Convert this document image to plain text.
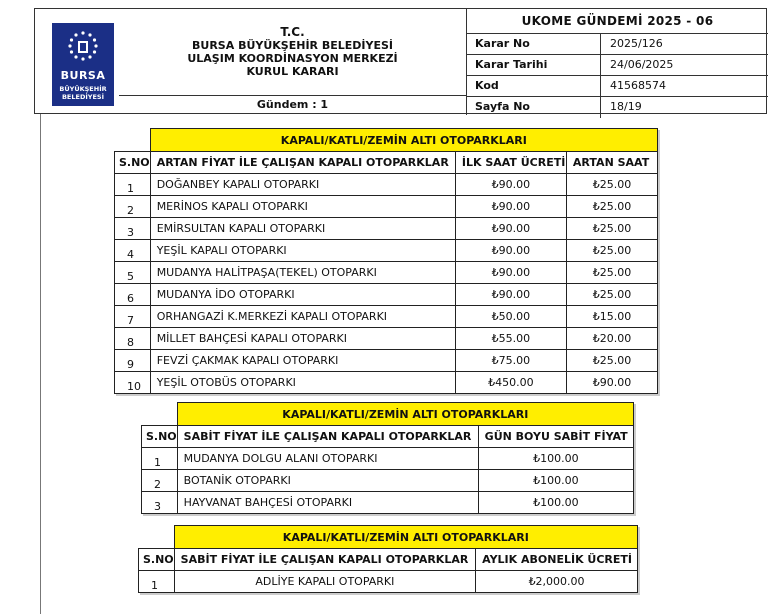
BURSA
BÜYÜKŞEHİR
BELEDİYESİ
T.C.
BURSA BÜYÜKŞEHİR BELEDİYESİ
ULAŞIM KOORDİNASYON MERKEZİ
KURUL KARARI
Gündem : 1
UKOME GÜNDEMİ 2025 - 06
Karar No	2025/126
Karar Tarihi	24/06/2025
Kod	41568574
Sayfa No	18/19
	KAPALI/KATLI/ZEMİN ALTI OTOPARKLARI		
S.NO	ARTAN FİYAT İLE ÇALIŞAN KAPALI OTOPARKLAR	İLK SAAT ÜCRETİ	ARTAN SAAT
1	DOĞANBEY KAPALI OTOPARKI	₺90.00	₺25.00
2	MERİNOS KAPALI OTOPARKI	₺90.00	₺25.00
3	EMİRSULTAN KAPALI OTOPARKI	₺90.00	₺25.00
4	YEŞİL KAPALI OTOPARKI	₺90.00	₺25.00
5	MUDANYA HALİTPAŞA(TEKEL) OTOPARKI	₺90.00	₺25.00
6	MUDANYA İDO OTOPARKI	₺90.00	₺25.00
7	ORHANGAZİ K.MERKEZİ KAPALI OTOPARKI	₺50.00	₺15.00
8	MİLLET BAHÇESİ KAPALI OTOPARKI	₺55.00	₺20.00
9	FEVZİ ÇAKMAK KAPALI OTOPARKI	₺75.00	₺25.00
10	YEŞİL OTOBÜS OTOPARKI	₺450.00	₺90.00
	KAPALI/KATLI/ZEMİN ALTI OTOPARKLARI	
S.NO	SABİT FİYAT İLE ÇALIŞAN KAPALI OTOPARKLAR	GÜN BOYU SABİT FİYAT
1	MUDANYA DOLGU ALANI OTOPARKI	₺100.00
2	BOTANİK OTOPARKI	₺100.00
3	HAYVANAT BAHÇESİ OTOPARKI	₺100.00
	KAPALI/KATLI/ZEMİN ALTI OTOPARKLARI	
S.NO	SABİT FİYAT İLE ÇALIŞAN KAPALI OTOPARKLAR	AYLIK ABONELİK ÜCRETİ
1	ADLİYE KAPALI OTOPARKI	₺2,000.00
